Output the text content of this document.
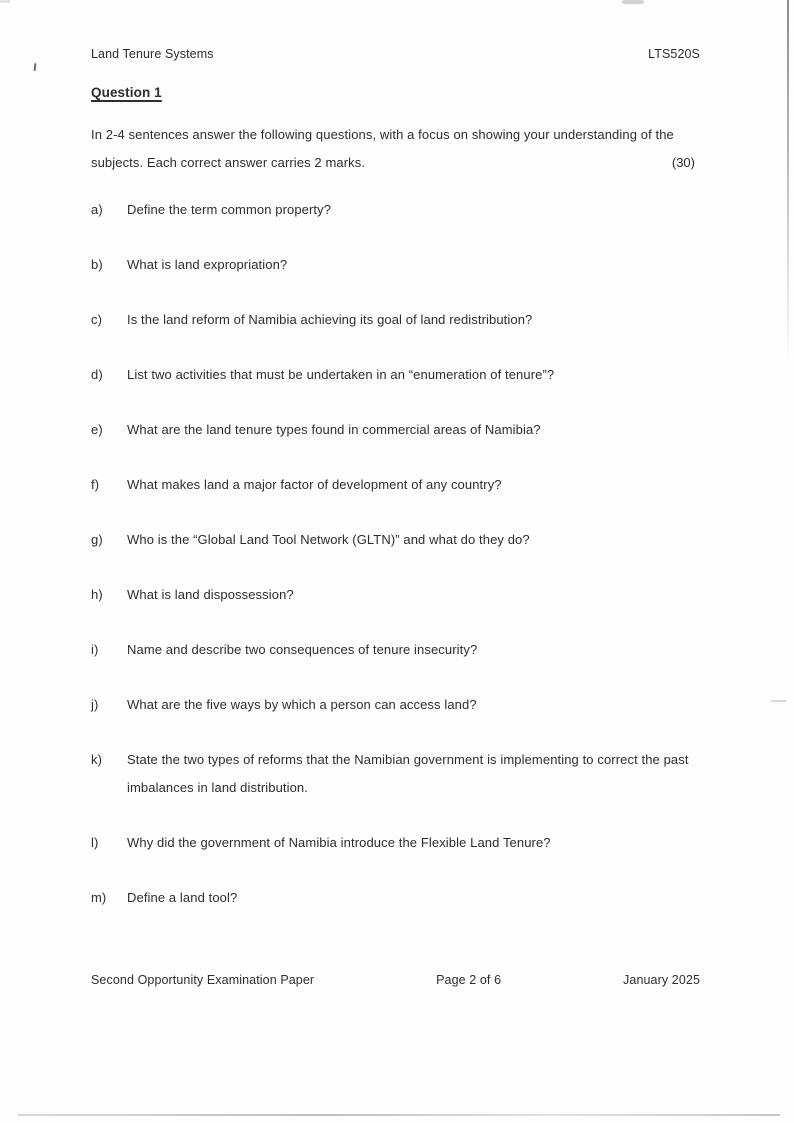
Land Tenure Systems	LTS520S
Question 1

In 2-4 sentences answer the following questions, with a focus on showing your understanding of the subjects. Each correct answer carries 2 marks.	(30)
a)	Define the term common property?
b)	What is land expropriation?
c)	Is the land reform of Namibia achieving its goal of land redistribution?
d)	List two activities that must be undertaken in an “enumeration of tenure”?
e)	What are the land tenure types found in commercial areas of Namibia?
f)	What makes land a major factor of development of any country?
g)	Who is the “Global Land Tool Network (GLTN)” and what do they do?
h)	What is land dispossession?
i)	Name and describe two consequences of tenure insecurity?
j)	What are the five ways by which a person can access land?
k)	State the two types of reforms that the Namibian government is implementing to correct the past imbalances in land distribution.
l)	Why did the government of Namibia introduce the Flexible Land Tenure?
m)	Define a land tool?
Second Opportunity Examination Paper	Page 2 of 6	January 2025
